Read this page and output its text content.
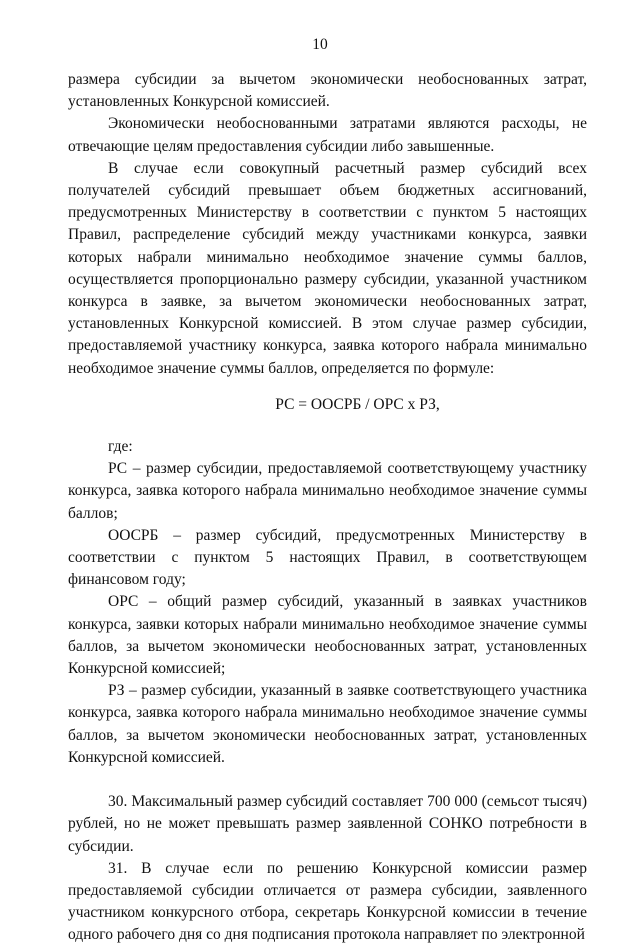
10

размера субсидии за вычетом экономически необоснованных затрат, установленных Конкурсной комиссией.

Экономически необоснованными затратами являются расходы, не отвечающие целям предоставления субсидии либо завышенные.

В случае если совокупный расчетный размер субсидий всех получателей субсидий превышает объем бюджетных ассигнований, предусмотренных Министерству в соответствии с пунктом 5 настоящих Правил, распределение субсидий между участниками конкурса, заявки которых набрали минимально необходимое значение суммы баллов, осуществляется пропорционально размеру субсидии, указанной участником конкурса в заявке, за вычетом экономически необоснованных затрат, установленных Конкурсной комиссией. В этом случае размер субсидии, предоставляемой участнику конкурса, заявка которого набрала минимально необходимое значение суммы баллов, определяется по формуле:

РС = ООСРБ / ОРС х РЗ,

где:

РС – размер субсидии, предоставляемой соответствующему участнику конкурса, заявка которого набрала минимально необходимое значение суммы баллов;

ООСРБ – размер субсидий, предусмотренных Министерству в соответствии с пунктом 5 настоящих Правил, в соответствующем финансовом году;

ОРС – общий размер субсидий, указанный в заявках участников конкурса, заявки которых набрали минимально необходимое значение суммы баллов, за вычетом экономически необоснованных затрат, установленных Конкурсной комиссией;

РЗ – размер субсидии, указанный в заявке соответствующего участника конкурса, заявка которого набрала минимально необходимое значение суммы баллов, за вычетом экономически необоснованных затрат, установленных Конкурсной комиссией.

30. Максимальный размер субсидий составляет 700 000 (семьсот тысяч) рублей, но не может превышать размер заявленной СОНКО потребности в субсидии.

31. В случае если по решению Конкурсной комиссии размер предоставляемой субсидии отличается от размера субсидии, заявленного участником конкурсного отбора, секретарь Конкурсной комиссии в течение одного рабочего дня со дня подписания протокола направляет по электронной
